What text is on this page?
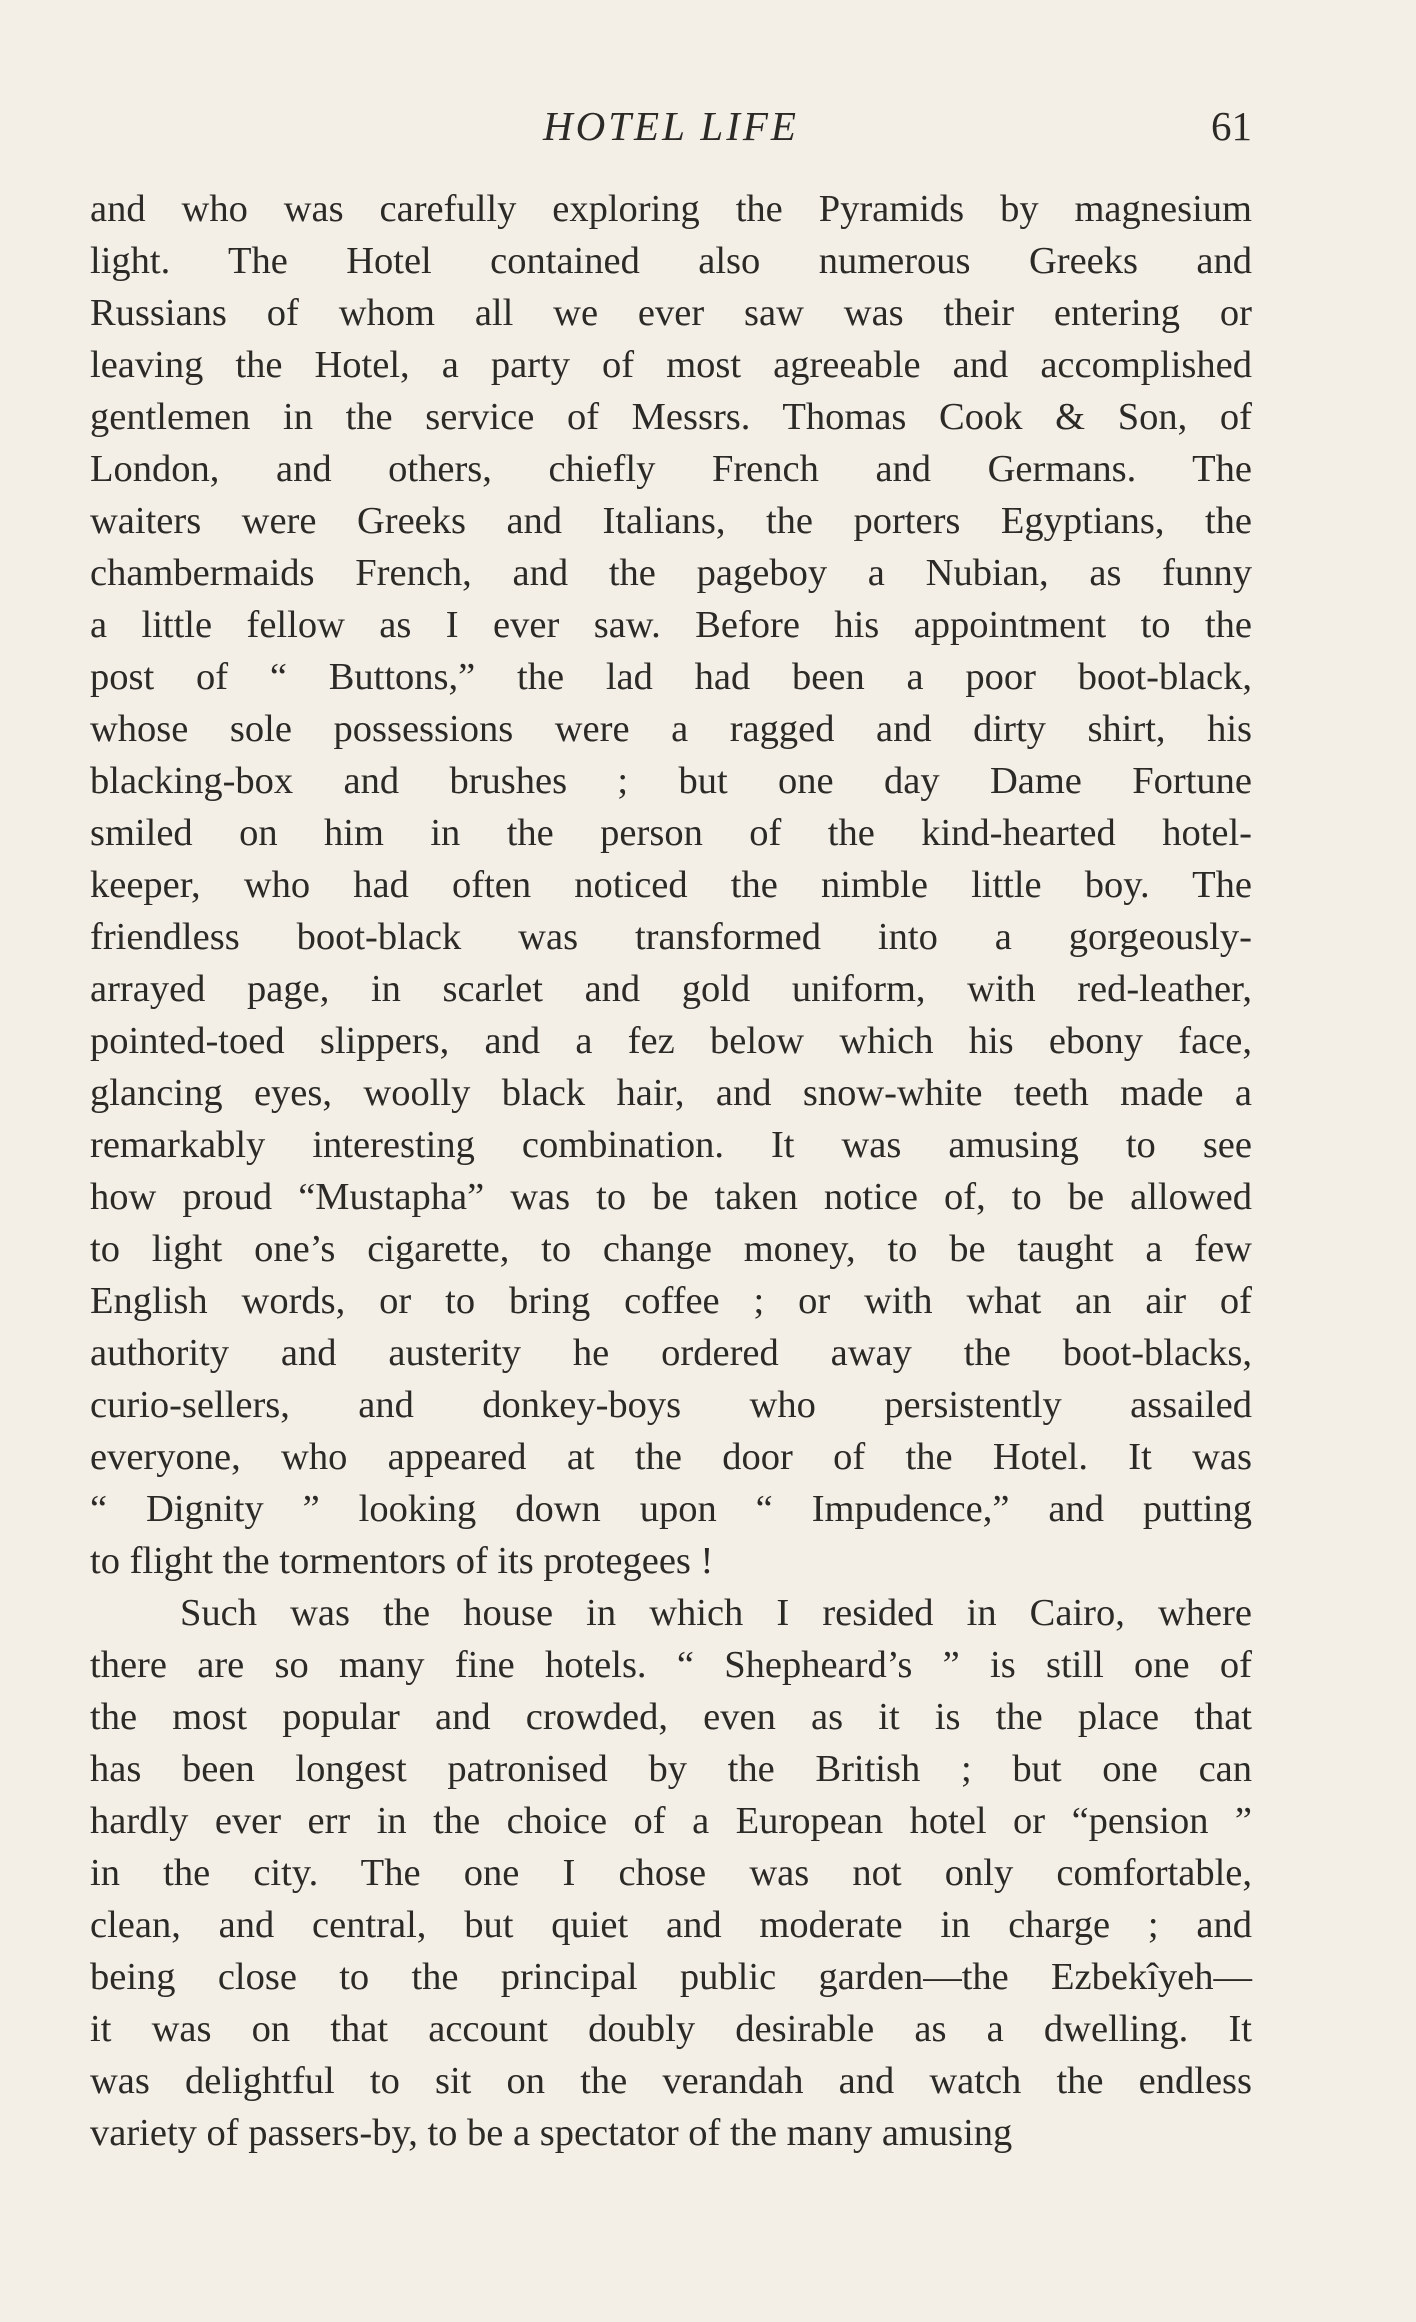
HOTEL LIFE	61
and who was carefully exploring the Pyramids by magnesium
light. The Hotel contained also numerous Greeks and
Russians of whom all we ever saw was their entering or
leaving the Hotel, a party of most agreeable and accomplished
gentlemen in the service of Messrs. Thomas Cook & Son, of
London, and others, chiefly French and Germans. The
waiters were Greeks and Italians, the porters Egyptians, the
chambermaids French, and the pageboy a Nubian, as funny
a little fellow as I ever saw. Before his appointment to the
post of “ Buttons,” the lad had been a poor boot-black,
whose sole possessions were a ragged and dirty shirt, his
blacking-box and brushes ; but one day Dame Fortune
smiled on him in the person of the kind-hearted hotel-
keeper, who had often noticed the nimble little boy. The
friendless boot-black was transformed into a gorgeously-
arrayed page, in scarlet and gold uniform, with red-leather,
pointed-toed slippers, and a fez below which his ebony face,
glancing eyes, woolly black hair, and snow-white teeth made a
remarkably interesting combination. It was amusing to see
how proud “Mustapha” was to be taken notice of, to be allowed
to light one’s cigarette, to change money, to be taught a few
English words, or to bring coffee ; or with what an air of
authority and austerity he ordered away the boot-blacks,
curio-sellers, and donkey-boys who persistently assailed
everyone, who appeared at the door of the Hotel. It was
“ Dignity ” looking down upon “ Impudence,” and putting
to flight the tormentors of its protegees !
Such was the house in which I resided in Cairo, where
there are so many fine hotels. “ Shepheard’s ” is still one of
the most popular and crowded, even as it is the place that
has been longest patronised by the British ; but one can
hardly ever err in the choice of a European hotel or “pension ”
in the city. The one I chose was not only comfortable,
clean, and central, but quiet and moderate in charge ; and
being close to the principal public garden—the Ezbekîyeh—
it was on that account doubly desirable as a dwelling. It
was delightful to sit on the verandah and watch the endless
variety of passers-by, to be a spectator of the many amusing
